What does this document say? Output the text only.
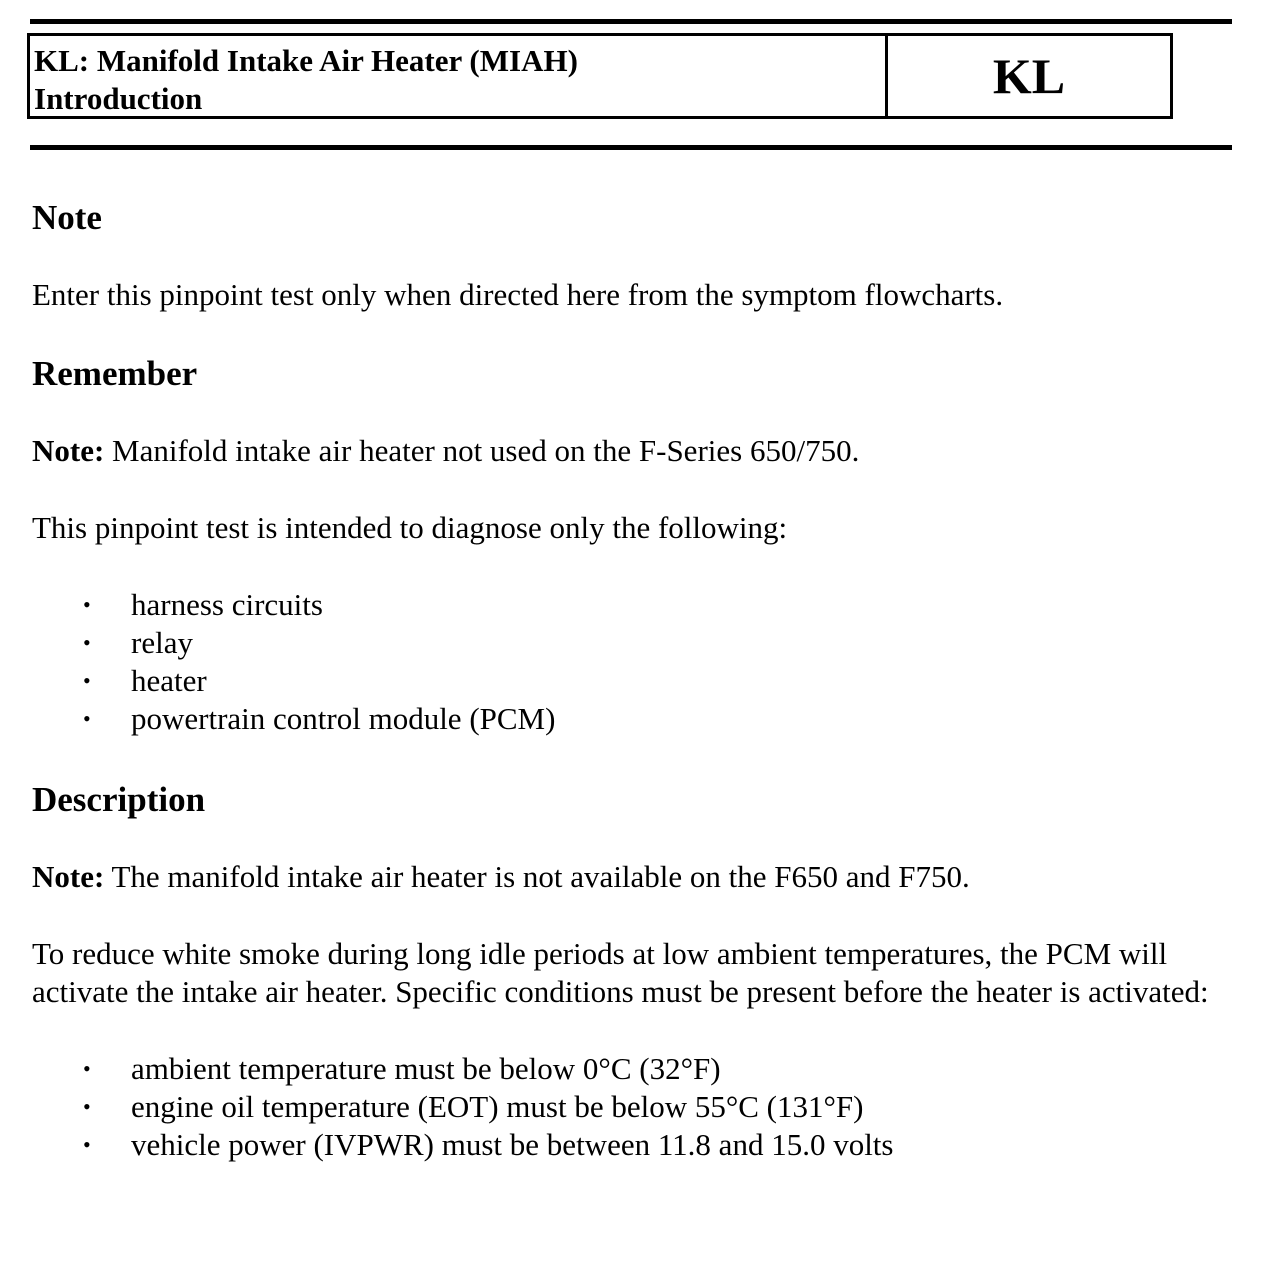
KL: Manifold Intake Air Heater (MIAH)
Introduction	KL
Note

Enter this pinpoint test only when directed here from the symptom flowcharts.

Remember

Note: Manifold intake air heater not used on the F-Series 650/750.

This pinpoint test is intended to diagnose only the following:

• harness circuits
• relay
• heater
• powertrain control module (PCM)
Description

Note: The manifold intake air heater is not available on the F650 and F750.

To reduce white smoke during long idle periods at low ambient temperatures, the PCM will activate the intake air heater. Specific conditions must be present before the heater is activated:

• ambient temperature must be below 0°C (32°F)
• engine oil temperature (EOT) must be below 55°C (131°F)
• vehicle power (IVPWR) must be between 11.8 and 15.0 volts
